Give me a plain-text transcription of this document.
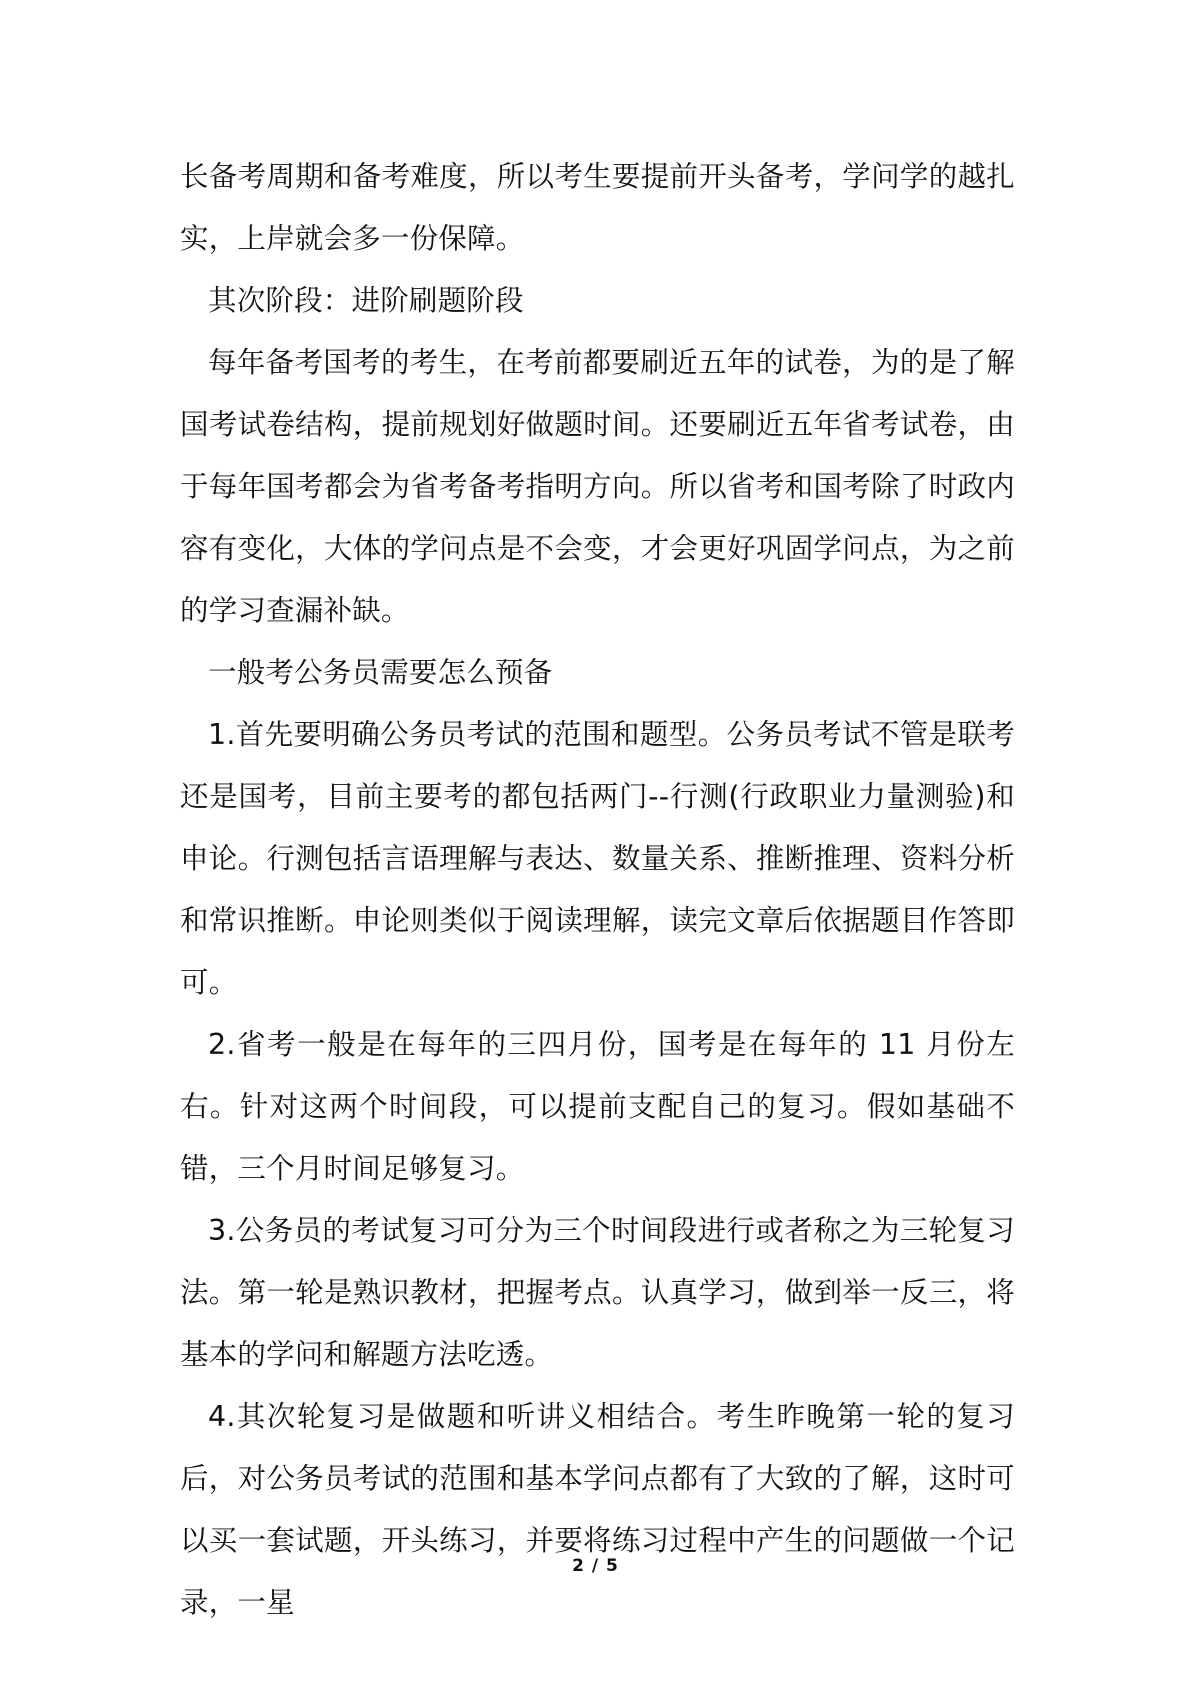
长备考周期和备考难度，所以考生要提前开头备考，学问学的越扎实，上岸就会多一份保障。

其次阶段：进阶刷题阶段

每年备考国考的考生，在考前都要刷近五年的试卷，为的是了解国考试卷结构，提前规划好做题时间。还要刷近五年省考试卷，由于每年国考都会为省考备考指明方向。所以省考和国考除了时政内容有变化，大体的学问点是不会变，才会更好巩固学问点，为之前的学习查漏补缺。

一般考公务员需要怎么预备

1.首先要明确公务员考试的范围和题型。公务员考试不管是联考还是国考，目前主要考的都包括两门--行测(行政职业力量测验)和申论。行测包括言语理解与表达、数量关系、推断推理、资料分析和常识推断。申论则类似于阅读理解，读完文章后依据题目作答即可。

2.省考一般是在每年的三四月份，国考是在每年的 11 月份左右。针对这两个时间段，可以提前支配自己的复习。假如基础不错，三个月时间足够复习。

3.公务员的考试复习可分为三个时间段进行或者称之为三轮复习法。第一轮是熟识教材，把握考点。认真学习，做到举一反三，将基本的学问和解题方法吃透。

4.其次轮复习是做题和听讲义相结合。考生昨晚第一轮的复习后，对公务员考试的范围和基本学问点都有了大致的了解，这时可以买一套试题，开头练习，并要将练习过程中产生的问题做一个记录，一星

2 / 5
